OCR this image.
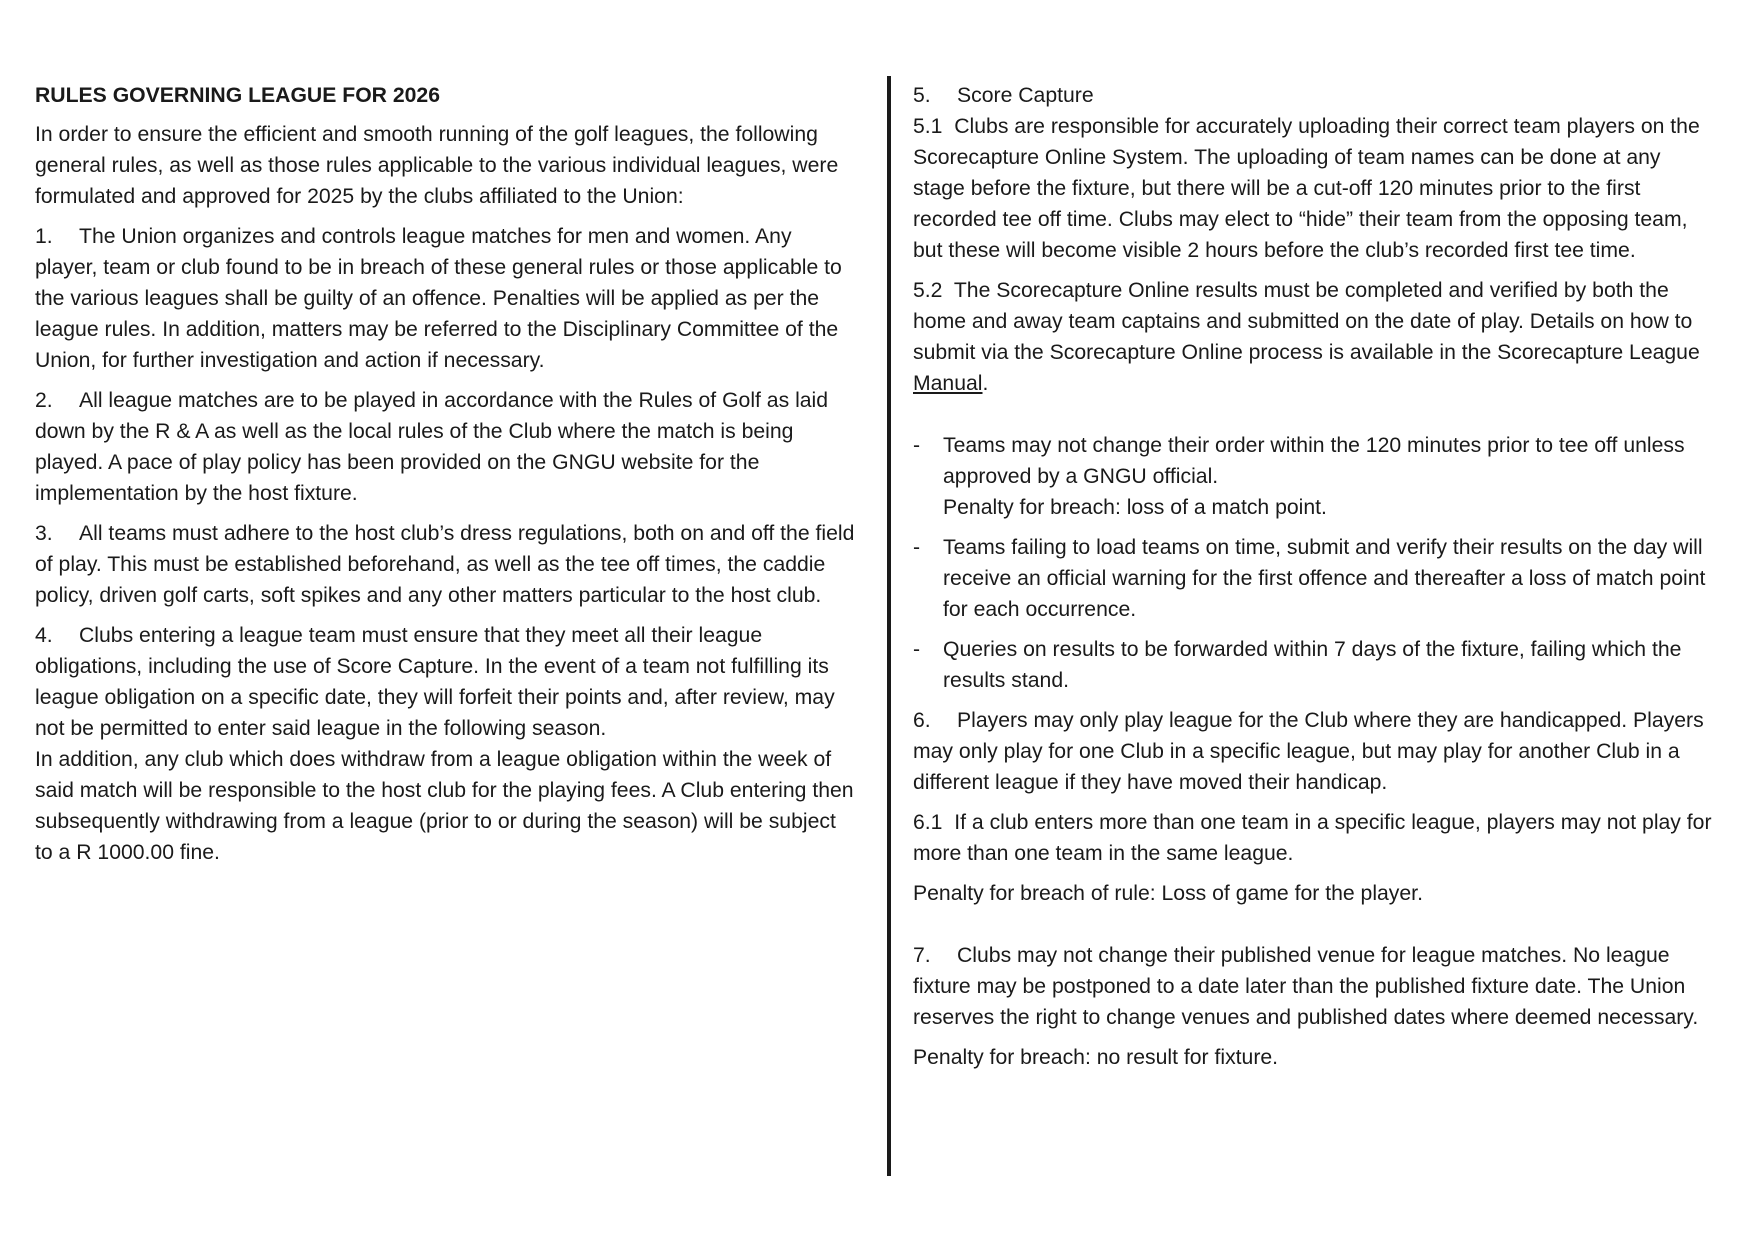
RULES GOVERNING LEAGUE FOR 2026

In order to ensure the efficient and smooth running of the golf leagues, the following general rules, as well as those rules applicable to the various individual leagues, were formulated and approved for 2025 by the clubs affiliated to the Union:

1. The Union organizes and controls league matches for men and women. Any player, team or club found to be in breach of these general rules or those applicable to the various leagues shall be guilty of an offence. Penalties will be applied as per the league rules. In addition, matters may be referred to the Disciplinary Committee of the Union, for further investigation and action if necessary.

2. All league matches are to be played in accordance with the Rules of Golf as laid down by the R & A as well as the local rules of the Club where the match is being played. A pace of play policy has been provided on the GNGU website for the implementation by the host fixture.

3. All teams must adhere to the host club’s dress regulations, both on and off the field of play. This must be established beforehand, as well as the tee off times, the caddie policy, driven golf carts, soft spikes and any other matters particular to the host club.

4. Clubs entering a league team must ensure that they meet all their league obligations, including the use of Score Capture. In the event of a team not fulfilling its league obligation on a specific date, they will forfeit their points and, after review, may not be permitted to enter said league in the following season.

In addition, any club which does withdraw from a league obligation within the week of said match will be responsible to the host club for the playing fees. A Club entering then subsequently withdrawing from a league (prior to or during the season) will be subject to a R 1000.00 fine.

5. Score Capture

5.1 Clubs are responsible for accurately uploading their correct team players on the Scorecapture Online System. The uploading of team names can be done at any stage before the fixture, but there will be a cut-off 120 minutes prior to the first recorded tee off time. Clubs may elect to “hide” their team from the opposing team, but these will become visible 2 hours before the club’s recorded first tee time.

5.2 The Scorecapture Online results must be completed and verified by both the home and away team captains and submitted on the date of play. Details on how to submit via the Scorecapture Online process is available in the Scorecapture League Manual.

- Teams may not change their order within the 120 minutes prior to tee off unless approved by a GNGU official.
Penalty for breach: loss of a match point.
- Teams failing to load teams on time, submit and verify their results on the day will receive an official warning for the first offence and thereafter a loss of match point for each occurrence.
- Queries on results to be forwarded within 7 days of the fixture, failing which the results stand.

6. Players may only play league for the Club where they are handicapped. Players may only play for one Club in a specific league, but may play for another Club in a different league if they have moved their handicap.

6.1 If a club enters more than one team in a specific league, players may not play for more than one team in the same league.

Penalty for breach of rule: Loss of game for the player.

7. Clubs may not change their published venue for league matches. No league fixture may be postponed to a date later than the published fixture date. The Union reserves the right to change venues and published dates where deemed necessary.

Penalty for breach: no result for fixture.
